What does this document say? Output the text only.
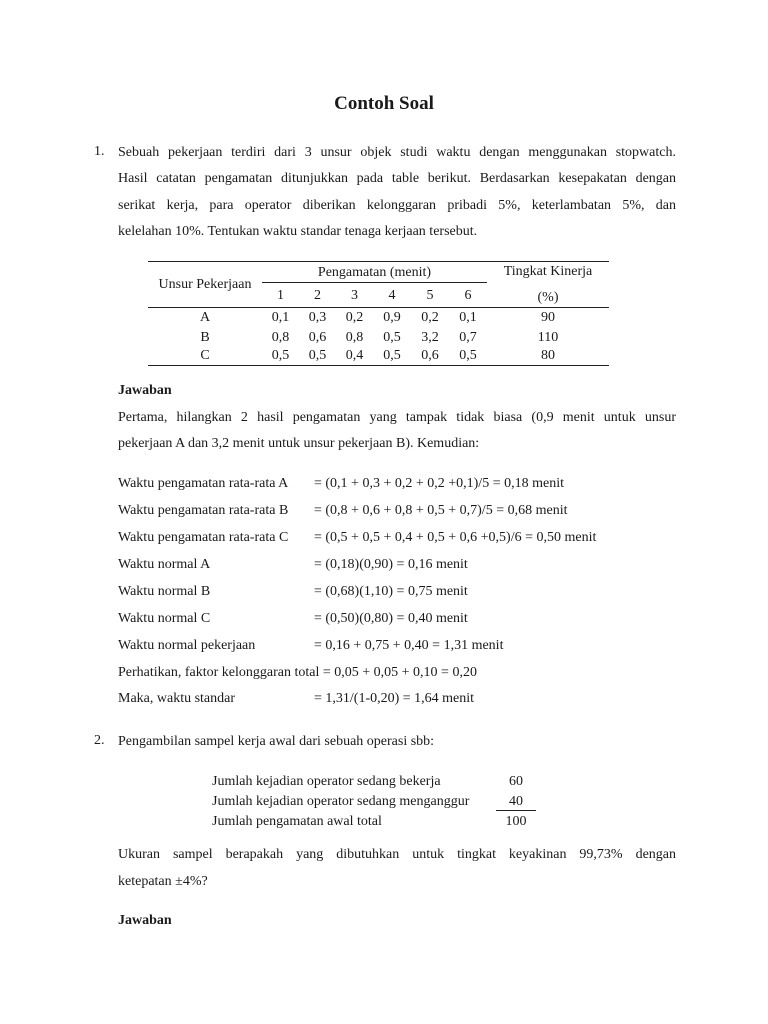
Contoh Soal
1. Sebuah pekerjaan terdiri dari 3 unsur objek studi waktu dengan menggunakan stopwatch.
Hasil catatan pengamatan ditunjukkan pada table berikut. Berdasarkan kesepakatan dengan
serikat kerja, para operator diberikan kelonggaran pribadi 5%, keterlambatan 5%, dan
kelelahan 10%. Tentukan waktu standar tenaga kerjaan tersebut.
Unsur Pekerjaan
Pengamatan (menit)	Tingkat Kinerja
(%)
1	2	3	4	5	6
A	0,1	0,3	0,2	0,9	0,2	0,1	90
B	0,8	0,6	0,8	0,5	3,2	0,7	110
C	0,5	0,5	0,4	0,5	0,6	0,5	80
Jawaban
Pertama, hilangkan 2 hasil pengamatan yang tampak tidak biasa (0,9 menit untuk unsur
pekerjaan A dan 3,2 menit untuk unsur pekerjaan B). Kemudian:
Waktu pengamatan rata-rata A = (0,1 + 0,3 + 0,2 + 0,2 +0,1)/5 = 0,18 menit
Waktu pengamatan rata-rata B = (0,8 + 0,6 + 0,8 + 0,5 + 0,7)/5 = 0,68 menit
Waktu pengamatan rata-rata C = (0,5 + 0,5 + 0,4 + 0,5 + 0,6 +0,5)/6 = 0,50 menit
Waktu normal A	= (0,18)(0,90) = 0,16 menit
Waktu normal B	= (0,68)(1,10) = 0,75 menit
Waktu normal C	= (0,50)(0,80) = 0,40 menit
Waktu normal pekerjaan	= 0,16 + 0,75 + 0,40 = 1,31 menit
Perhatikan, faktor kelonggaran total = 0,05 + 0,05 + 0,10 = 0,20
Maka, waktu standar	= 1,31/(1-0,20) = 1,64 menit
2. Pengambilan sampel kerja awal dari sebuah operasi sbb:
Jumlah kejadian operator sedang bekerja	60
Jumlah kejadian operator sedang menganggur	40
Jumlah pengamatan awal total	100
Ukuran sampel berapakah yang dibutuhkan untuk tingkat keyakinan 99,73% dengan
ketepatan ±4%?
Jawaban
